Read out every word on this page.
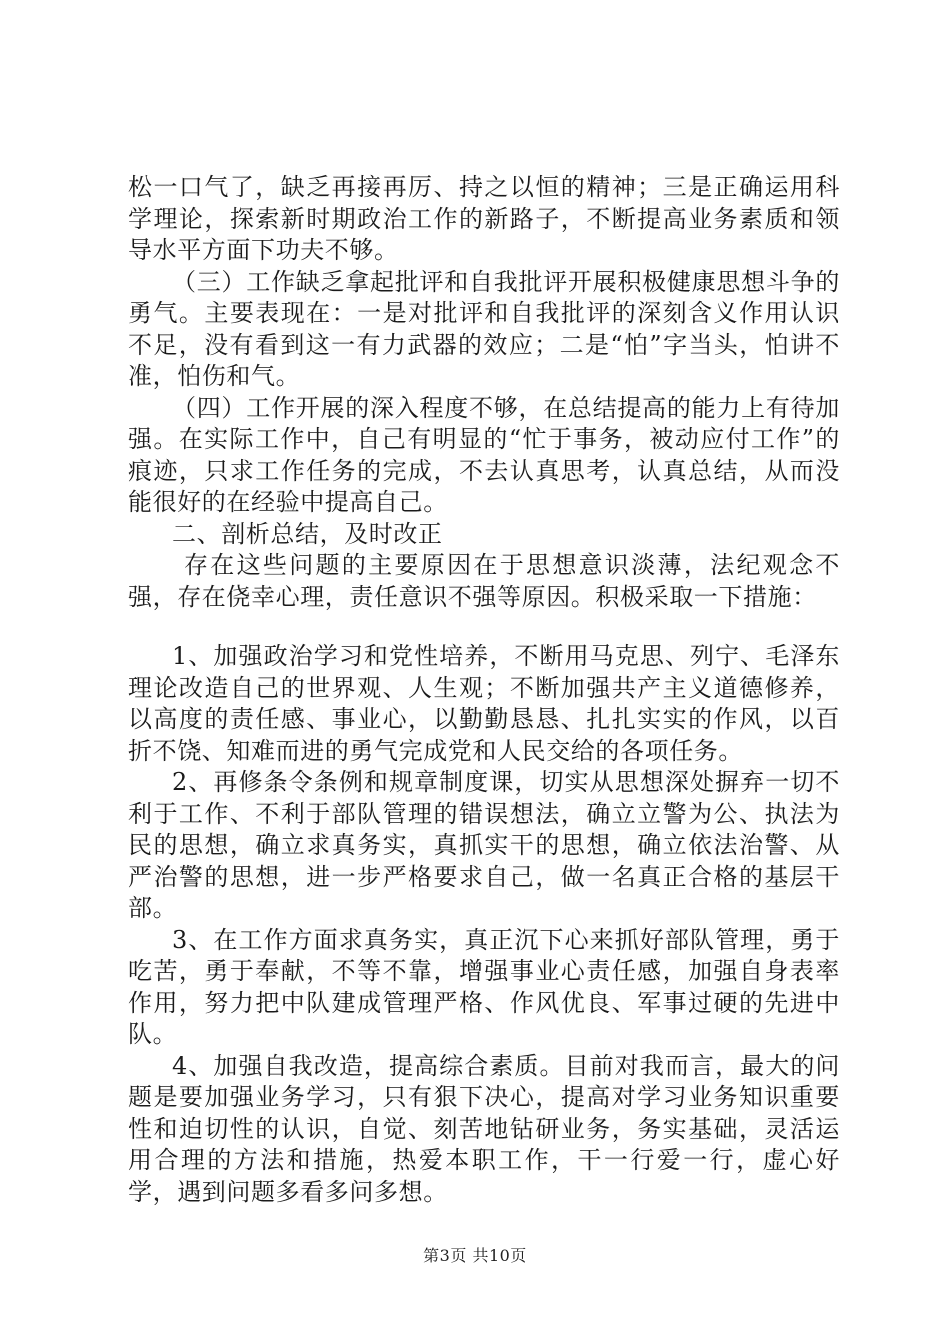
松一口气了，缺乏再接再厉、持之以恒的精神；三是正确运用科学理论，探索新时期政治工作的新路子，不断提高业务素质和领导水平方面下功夫不够。

（三）工作缺乏拿起批评和自我批评开展积极健康思想斗争的勇气。主要表现在：一是对批评和自我批评的深刻含义作用认识不足，没有看到这一有力武器的效应；二是“怕”字当头，怕讲不准，怕伤和气。

（四）工作开展的深入程度不够，在总结提高的能力上有待加强。在实际工作中，自己有明显的“忙于事务，被动应付工作”的痕迹，只求工作任务的完成，不去认真思考，认真总结，从而没能很好的在经验中提高自己。

二、剖析总结，及时改正

存在这些问题的主要原因在于思想意识淡薄，法纪观念不强，存在侥幸心理，责任意识不强等原因。积极采取一下措施：

1、加强政治学习和党性培养，不断用马克思、列宁、毛泽东理论改造自己的世界观、人生观；不断加强共产主义道德修养，以高度的责任感、事业心，以勤勤恳恳、扎扎实实的作风，以百折不饶、知难而进的勇气完成党和人民交给的各项任务。

2、再修条令条例和规章制度课，切实从思想深处摒弃一切不利于工作、不利于部队管理的错误想法，确立立警为公、执法为民的思想，确立求真务实，真抓实干的思想，确立依法治警、从严治警的思想，进一步严格要求自己，做一名真正合格的基层干部。

3、在工作方面求真务实，真正沉下心来抓好部队管理，勇于吃苦，勇于奉献，不等不靠，增强事业心责任感，加强自身表率作用，努力把中队建成管理严格、作风优良、军事过硬的先进中队。

4、加强自我改造，提高综合素质。目前对我而言，最大的问题是要加强业务学习，只有狠下决心，提高对学习业务知识重要性和迫切性的认识，自觉、刻苦地钻研业务，务实基础，灵活运用合理的方法和措施，热爱本职工作，干一行爱一行，虚心好学，遇到问题多看多问多想。

第3页 共10页
